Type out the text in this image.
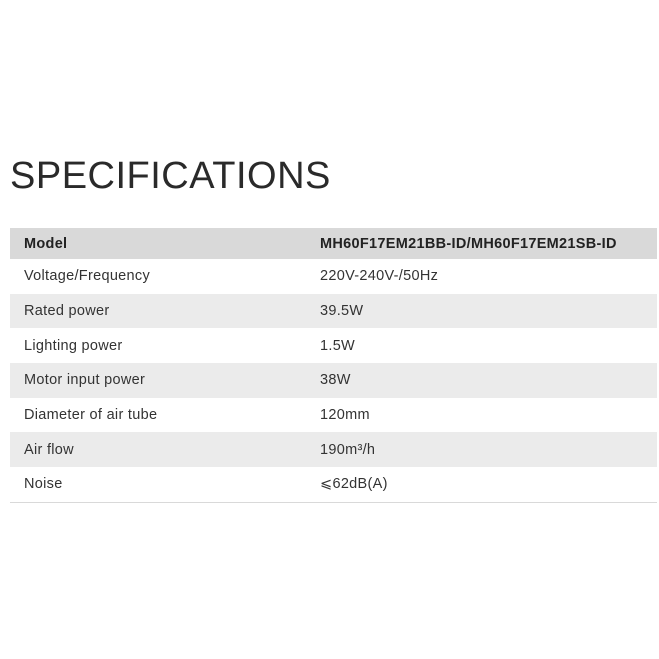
SPECIFICATIONS
Model	MH60F17EM21BB-ID/MH60F17EM21SB-ID
Voltage/Frequency	220V-240V-/50Hz
Rated power	39.5W
Lighting power	1.5W
Motor input power	38W
Diameter of air tube	120mm
Air flow	190m³/h
Noise	⩽62dB(A)
